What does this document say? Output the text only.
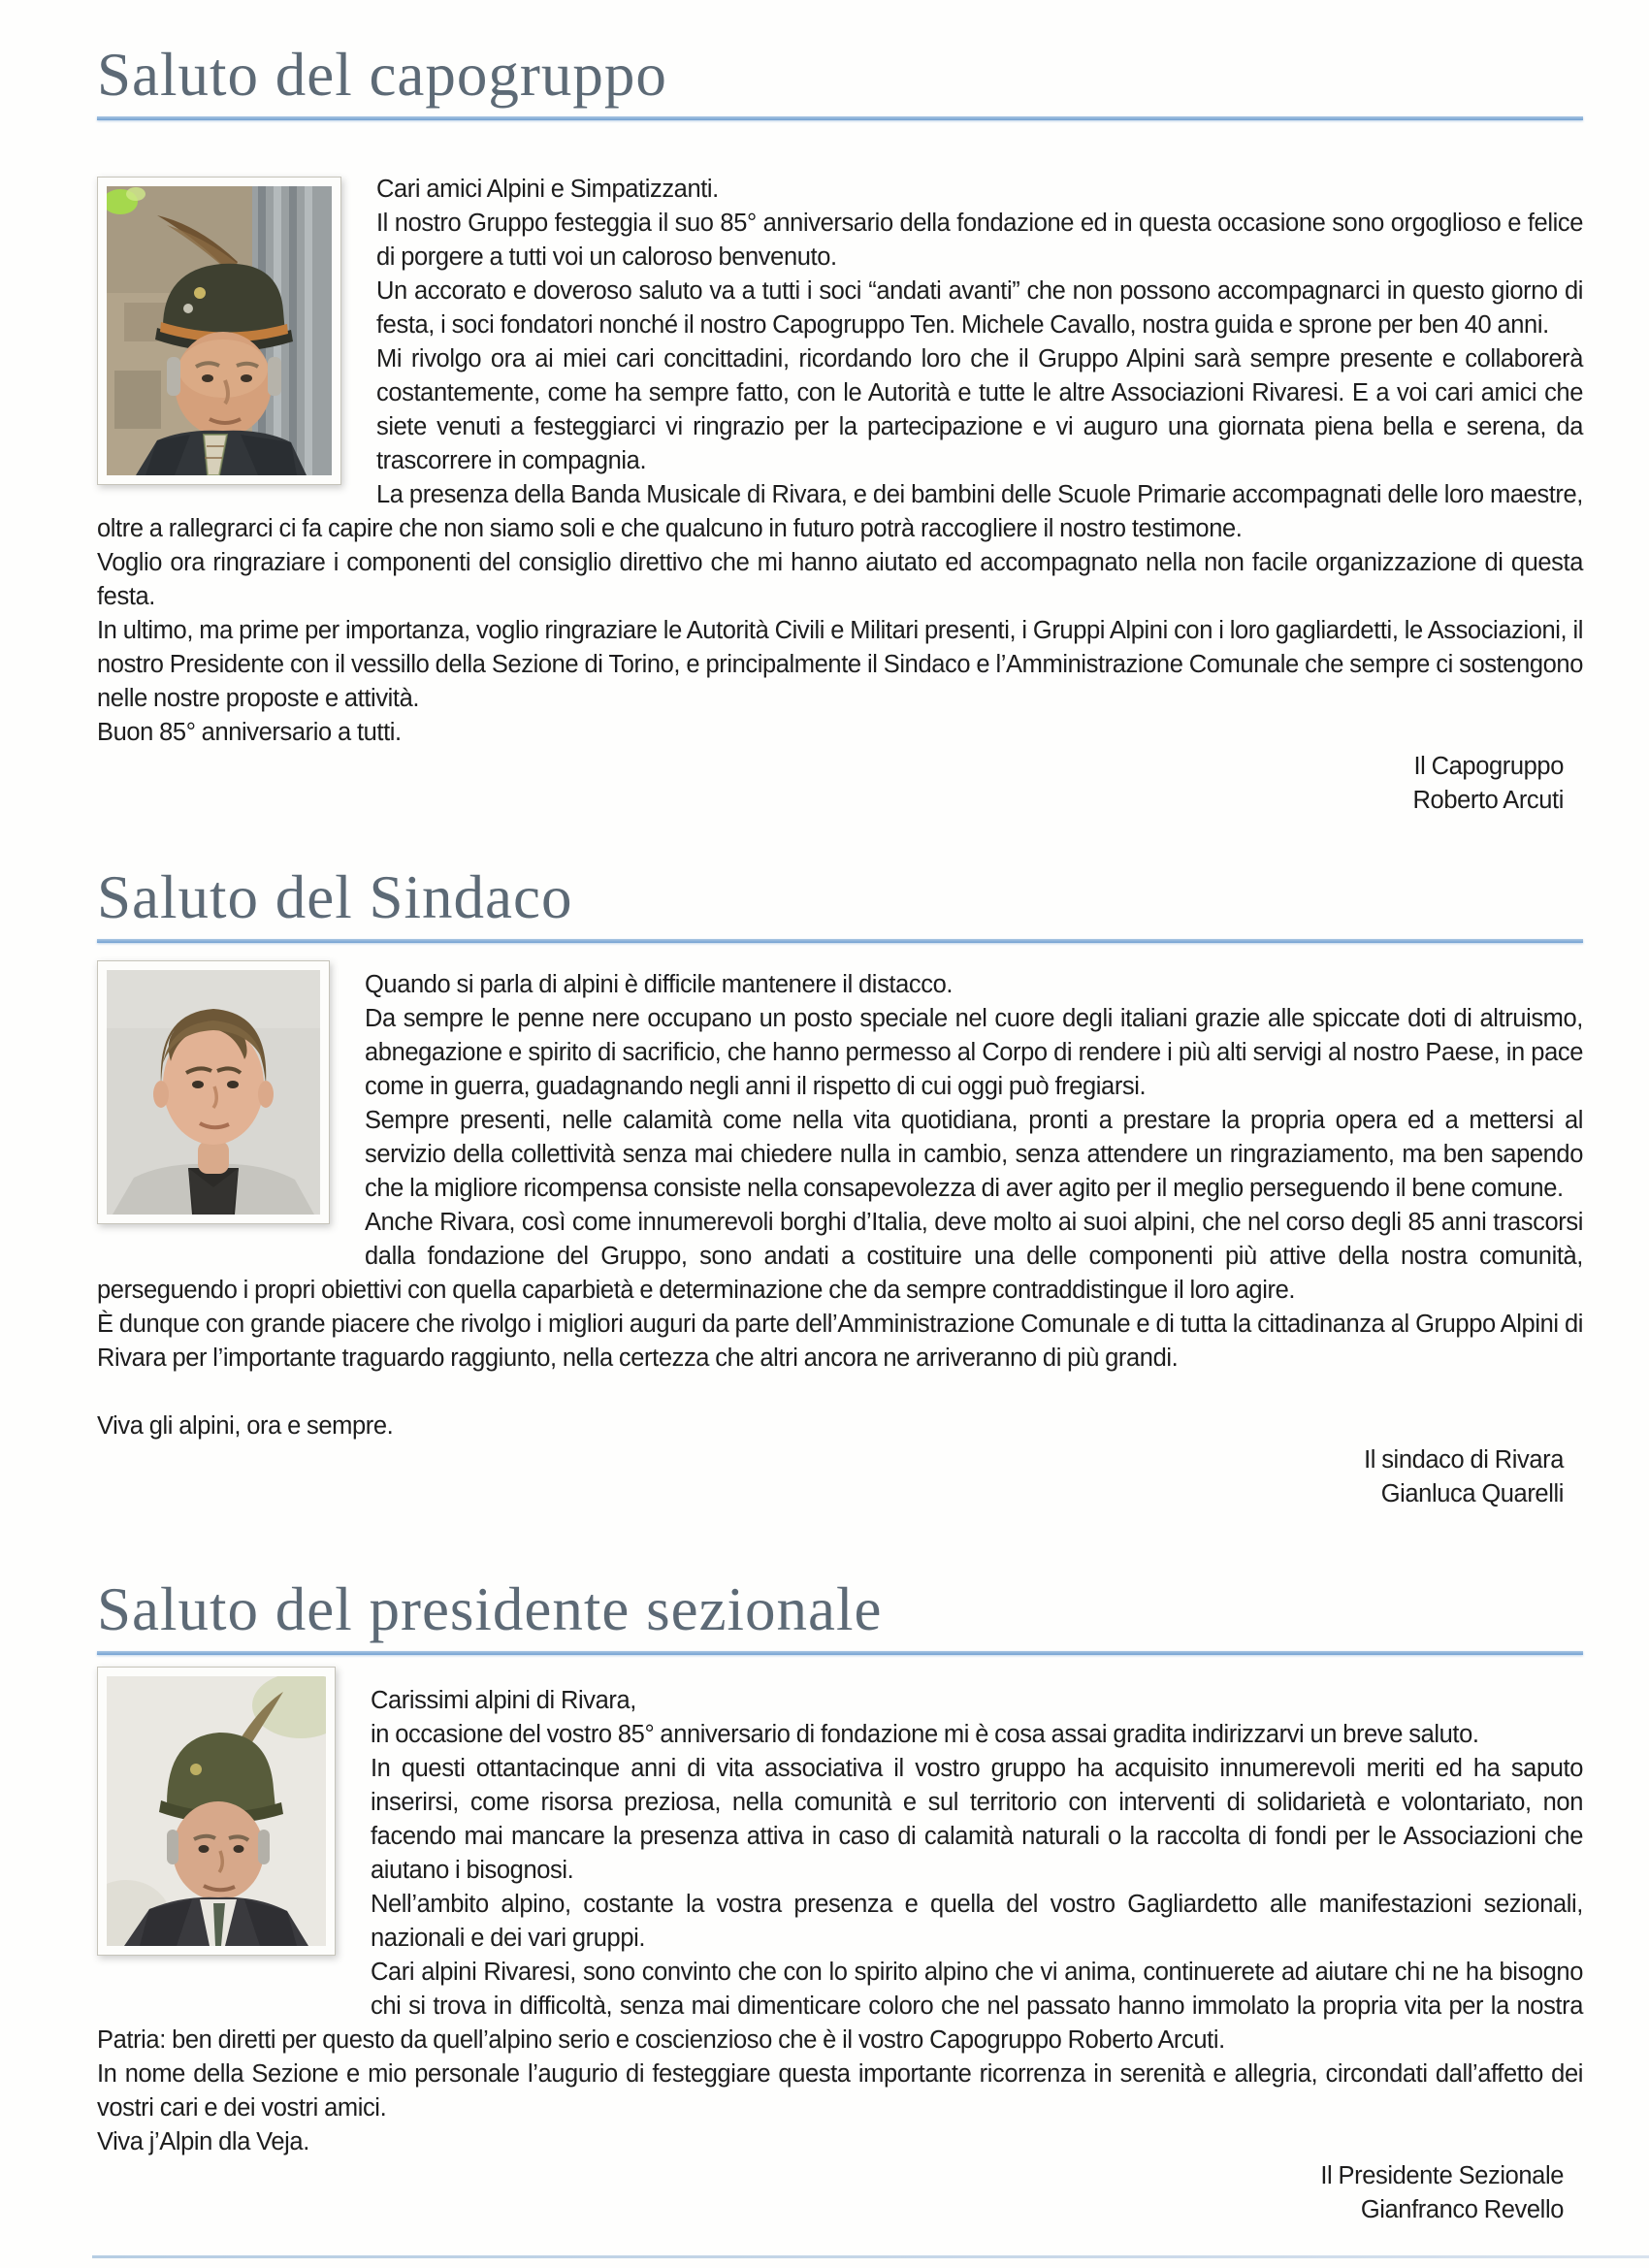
Saluto del capogruppo

Cari amici Alpini e Simpatizzanti.

Il nostro Gruppo festeggia il suo 85° anniversario della fondazione ed in questa occasione sono orgoglioso e felice di porgere a tutti voi un caloroso benvenuto.

Un accorato e doveroso saluto va a tutti i soci “andati avanti” che non possono accompagnarci in questo giorno di festa, i soci fondatori nonché il nostro Capogruppo Ten. Michele Cavallo, nostra guida e sprone per ben 40 anni.

Mi rivolgo ora ai miei cari concittadini, ricordando loro che il Gruppo Alpini sarà sempre presente e collaborerà costantemente, come ha sempre fatto, con le Autorità e tutte le altre Associazioni Rivaresi. E a voi cari amici che siete venuti a festeggiarci vi ringrazio per la partecipazione e vi auguro una giornata piena bella e serena, da trascorrere in compagnia.

La presenza della Banda Musicale di Rivara, e dei bambini delle Scuole Primarie accompagnati delle loro maestre, oltre a rallegrarci ci fa capire che non siamo soli e che qualcuno in futuro potrà raccogliere il nostro testimone.

Voglio ora ringraziare i componenti del consiglio direttivo che mi hanno aiutato ed accompagnato nella non facile organizzazione di questa festa.

In ultimo, ma prime per importanza, voglio ringraziare le Autorità Civili e Militari presenti, i Gruppi Alpini con i loro gagliardetti, le Associazioni, il nostro Presidente con il vessillo della Sezione di Torino, e principalmente il Sindaco e l’Amministrazione Comunale che sempre ci sostengono nelle nostre proposte e attività.

Buon 85° anniversario a tutti.

Il Capogruppo
Roberto Arcuti
Saluto del Sindaco

Quando si parla di alpini è difficile mantenere il distacco.

Da sempre le penne nere occupano un posto speciale nel cuore degli italiani grazie alle spiccate doti di altruismo, abnegazione e spirito di sacrificio, che hanno permesso al Corpo di rendere i più alti servigi al nostro Paese, in pace come in guerra, guadagnando negli anni il rispetto di cui oggi può fregiarsi.

Sempre presenti, nelle calamità come nella vita quotidiana, pronti a prestare la propria opera ed a mettersi al servizio della collettività senza mai chiedere nulla in cambio, senza attendere un ringraziamento, ma ben sapendo che la migliore ricompensa consiste nella consapevolezza di aver agito per il meglio perseguendo il bene comune.

Anche Rivara, così come innumerevoli borghi d’Italia, deve molto ai suoi alpini, che nel corso degli 85 anni trascorsi dalla fondazione del Gruppo, sono andati a costituire una delle componenti più attive della nostra comunità, perseguendo i propri obiettivi con quella caparbietà e determinazione che da sempre contraddistingue il loro agire.

È dunque con grande piacere che rivolgo i migliori auguri da parte dell’Amministrazione Comunale e di tutta la cittadinanza al Gruppo Alpini di Rivara per l’importante traguardo raggiunto, nella certezza che altri ancora ne arriveranno di più grandi.

Viva gli alpini, ora e sempre.

Il sindaco di Rivara
Gianluca Quarelli
Saluto del presidente sezionale

Carissimi alpini di Rivara,

in occasione del vostro 85° anniversario di fondazione mi è cosa assai gradita indirizzarvi un breve saluto.

In questi ottantacinque anni di vita associativa il vostro gruppo ha acquisito innumerevoli meriti ed ha saputo inserirsi, come risorsa preziosa, nella comunità e sul territorio con interventi di solidarietà e volontariato, non facendo mai mancare la presenza attiva in caso di calamità naturali o la raccolta di fondi per le Associazioni che aiutano i bisognosi.

Nell’ambito alpino, costante la vostra presenza e quella del vostro Gagliardetto alle manifestazioni sezionali, nazionali e dei vari gruppi.

Cari alpini Rivaresi, sono convinto che con lo spirito alpino che vi anima, continuerete ad aiutare chi ne ha bisogno chi si trova in difficoltà, senza mai dimenticare coloro che nel passato hanno immolato la propria vita per la nostra Patria: ben diretti per questo da quell’alpino serio e coscienzioso che è il vostro Capogruppo Roberto Arcuti.

In nome della Sezione e mio personale l’augurio di festeggiare questa importante ricorrenza in serenità e allegria, circondati dall’affetto dei vostri cari e dei vostri amici.

Viva j’Alpin dla Veja.

Il Presidente Sezionale
Gianfranco Revello
